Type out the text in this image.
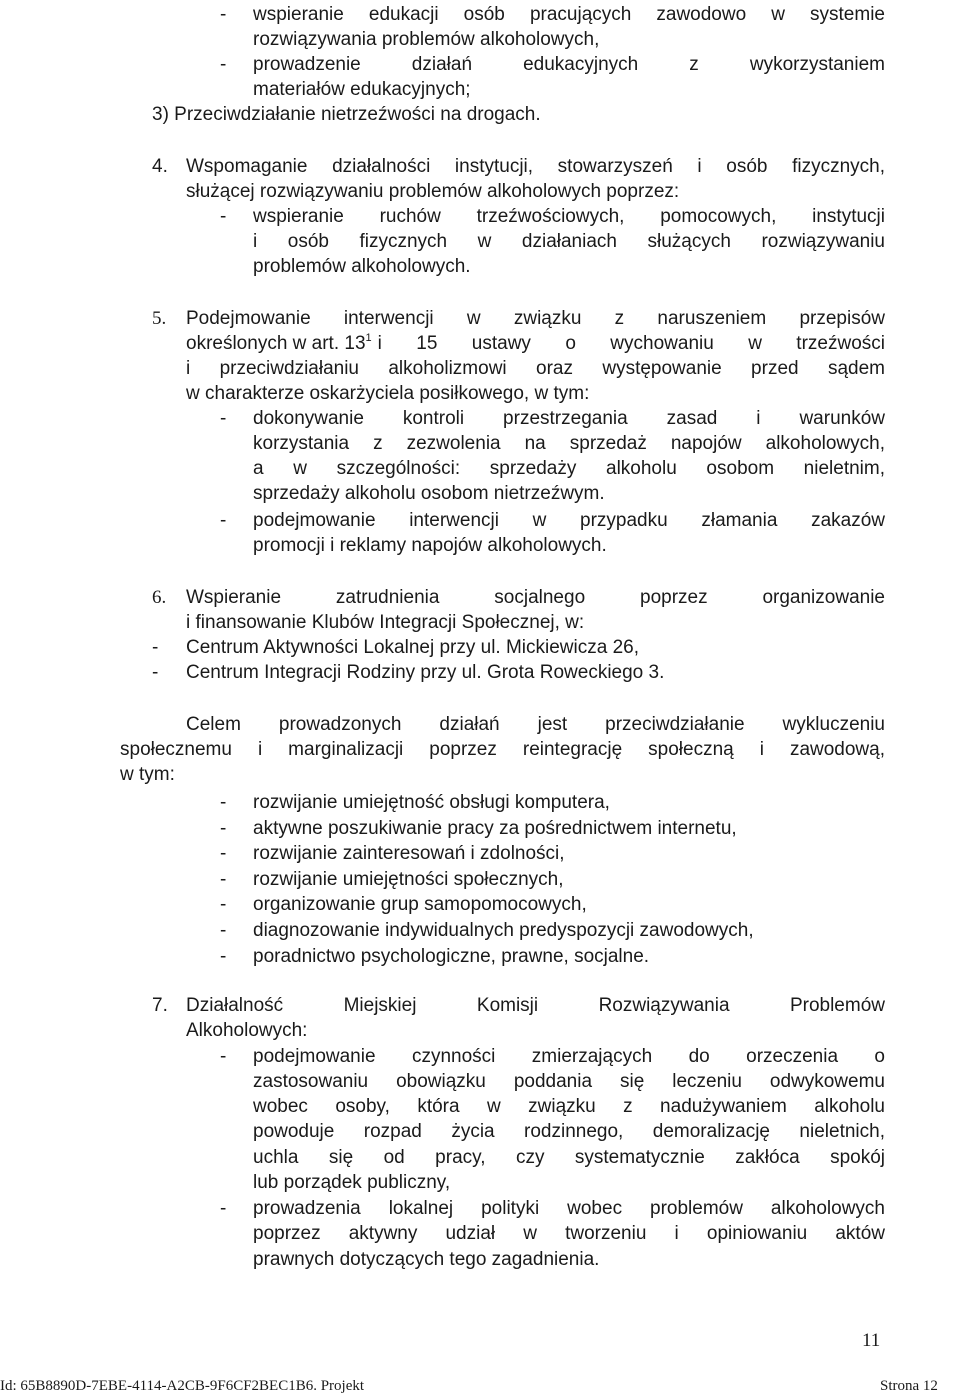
- wspieranie edukacji osób pracujących zawodowo w systemie
rozwiązywania problemów alkoholowych,
- prowadzenie działań edukacyjnych z wykorzystaniem
materiałów edukacyjnych;
3) Przeciwdziałanie nietrzeźwości na drogach.
4. Wspomaganie działalności instytucji, stowarzyszeń i osób fizycznych,
służącej rozwiązywaniu problemów alkoholowych poprzez:
- wspieranie ruchów trzeźwościowych, pomocowych, instytucji
i osób fizycznych w działaniach służących rozwiązywaniu
problemów alkoholowych.
5. Podejmowanie interwencji w związku z naruszeniem przepisów
określonych w art. $13^1$ i 15 ustawy o wychowaniu w trzeźwości
i przeciwdziałaniu alkoholizmowi oraz występowanie przed sądem
w charakterze oskarżyciela posiłkowego, w tym:
- dokonywanie kontroli przestrzegania zasad i warunków
korzystania z zezwolenia na sprzedaż napojów alkoholowych,
a w szczególności: sprzedaży alkoholu osobom nieletnim,
sprzedaży alkoholu osobom nietrzeźwym.
- podejmowanie interwencji w przypadku złamania zakazów
promocji i reklamy napojów alkoholowych.
6. Wspieranie zatrudnienia socjalnego poprzez organizowanie
i finansowanie Klubów Integracji Społecznej, w:
- Centrum Aktywności Lokalnej przy ul. Mickiewicza 26,
- Centrum Integracji Rodziny przy ul. Grota Roweckiego 3.
Celem prowadzonych działań jest przeciwdziałanie wykluczeniu
społecznemu i marginalizacji poprzez reintegrację społeczną i zawodową,
w tym:
- rozwijanie umiejętność obsługi komputera,
- aktywne poszukiwanie pracy za pośrednictwem internetu,
- rozwijanie zainteresowań i zdolności,
- rozwijanie umiejętności społecznych,
- organizowanie grup samopomocowych,
- diagnozowanie indywidualnych predyspozycji zawodowych,
- poradnictwo psychologiczne, prawne, socjalne.
7. Działalność Miejskiej Komisji Rozwiązywania Problemów
Alkoholowych:
- podejmowanie czynności zmierzających do orzeczenia o
zastosowaniu obowiązku poddania się leczeniu odwykowemu
wobec osoby, która w związku z nadużywaniem alkoholu
powoduje rozpad życia rodzinnego, demoralizację nieletnich,
uchla się od pracy, czy systematycznie zakłóca spokój
lub porządek publiczny,
- prowadzenia lokalnej polityki wobec problemów alkoholowych
poprzez aktywny udział w tworzeniu i opiniowaniu aktów
prawnych dotyczących tego zagadnienia.
11
Id: 65B8890D-7EBE-4114-A2CB-9F6CF2BEC1B6. Projekt	Strona 12
